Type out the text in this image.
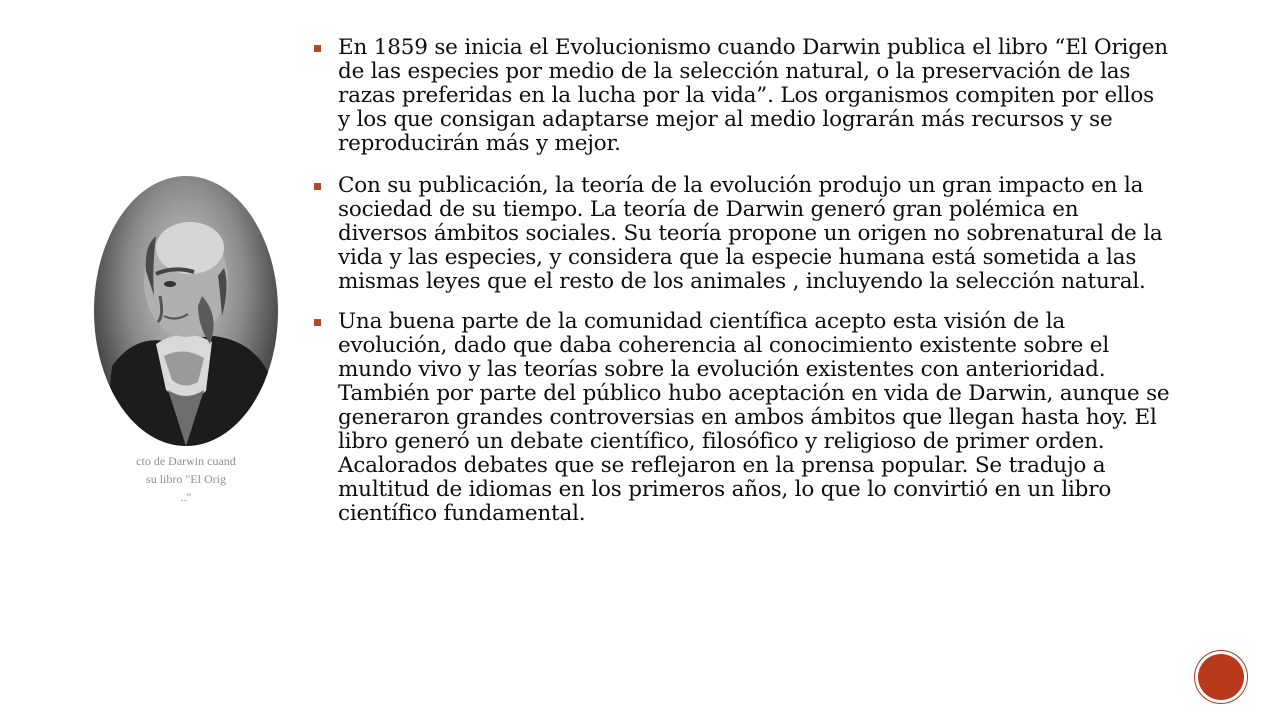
cto de Darwin cuand
su libro "El Orig
.."
En 1859 se inicia el Evolucionismo cuando Darwin publica el libro “El Origen de las especies por medio de la selección natural, o la preservación de las razas preferidas en la lucha por la vida”. Los organismos compiten por ellos y los que consigan adaptarse mejor al medio lograrán más recursos y se reproducirán más y mejor.
Con su publicación, la teoría de la evolución produjo un gran impacto en la sociedad de su tiempo. La teoría de Darwin generó gran polémica en diversos ámbitos sociales. Su teoría propone un origen no sobrenatural de la vida y las especies, y considera que la especie humana está sometida a las mismas leyes que el resto de los animales , incluyendo la selección natural.
Una buena parte de la comunidad científica acepto esta visión de la evolución, dado que daba coherencia al conocimiento existente sobre el mundo vivo y las teorías sobre la evolución existentes con anterioridad. También por parte del público hubo aceptación en vida de Darwin, aunque se generaron grandes controversias en ambos ámbitos que llegan hasta hoy. El libro generó un debate científico, filosófico y religioso de primer orden. Acalorados debates que se reflejaron en la prensa popular. Se tradujo a multitud de idiomas en los primeros años, lo que lo convirtió en un libro científico fundamental.
